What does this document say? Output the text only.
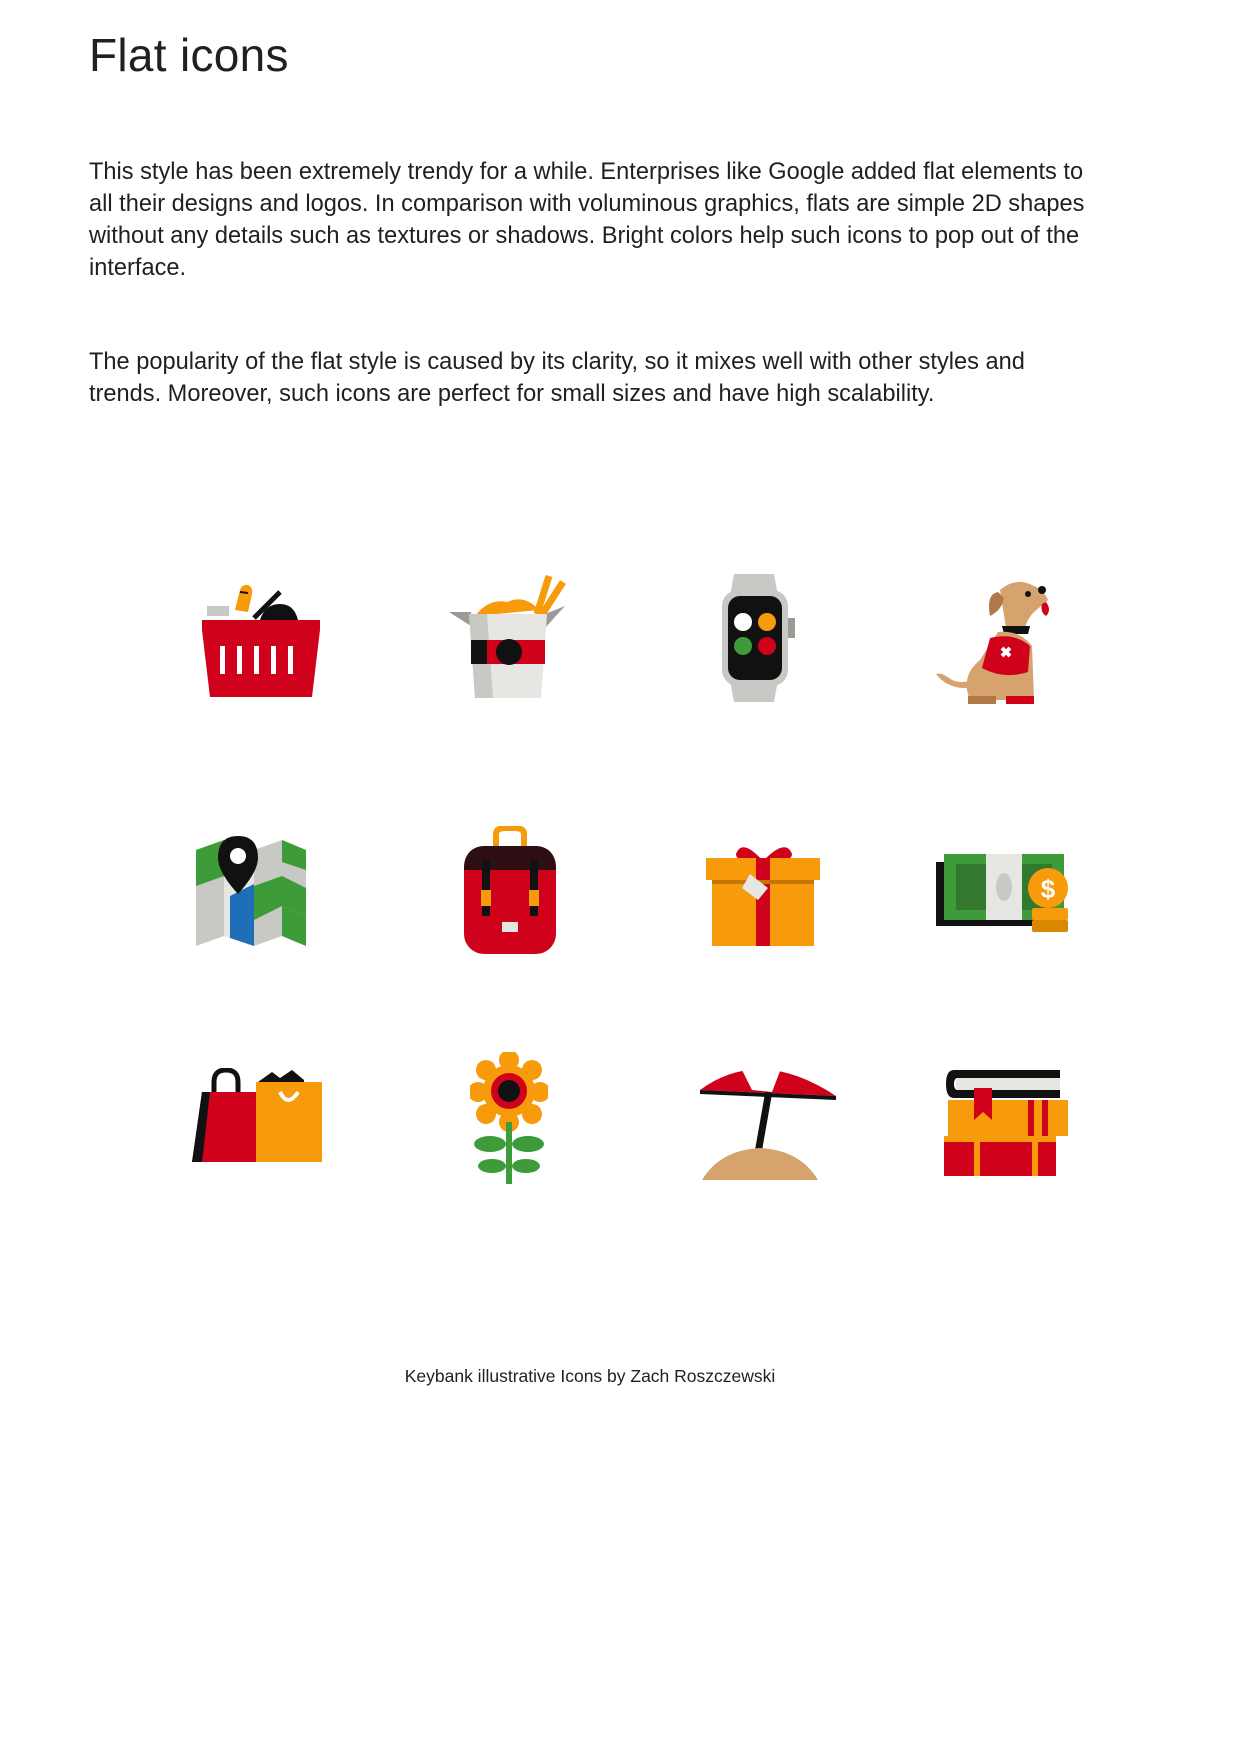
Flat icons

This style has been extremely trendy for a while. Enterprises like Google added flat elements to all their designs and logos. In comparison with voluminous graphics, flats are simple 2D shapes without any details such as textures or shadows. Bright colors help such icons to pop out of the interface.

The popularity of the flat style is caused by its clarity, so it mixes well with other styles and trends. Moreover, such icons are perfect for small sizes and have high scalability.

$

Keybank illustrative Icons by Zach Roszczewski
